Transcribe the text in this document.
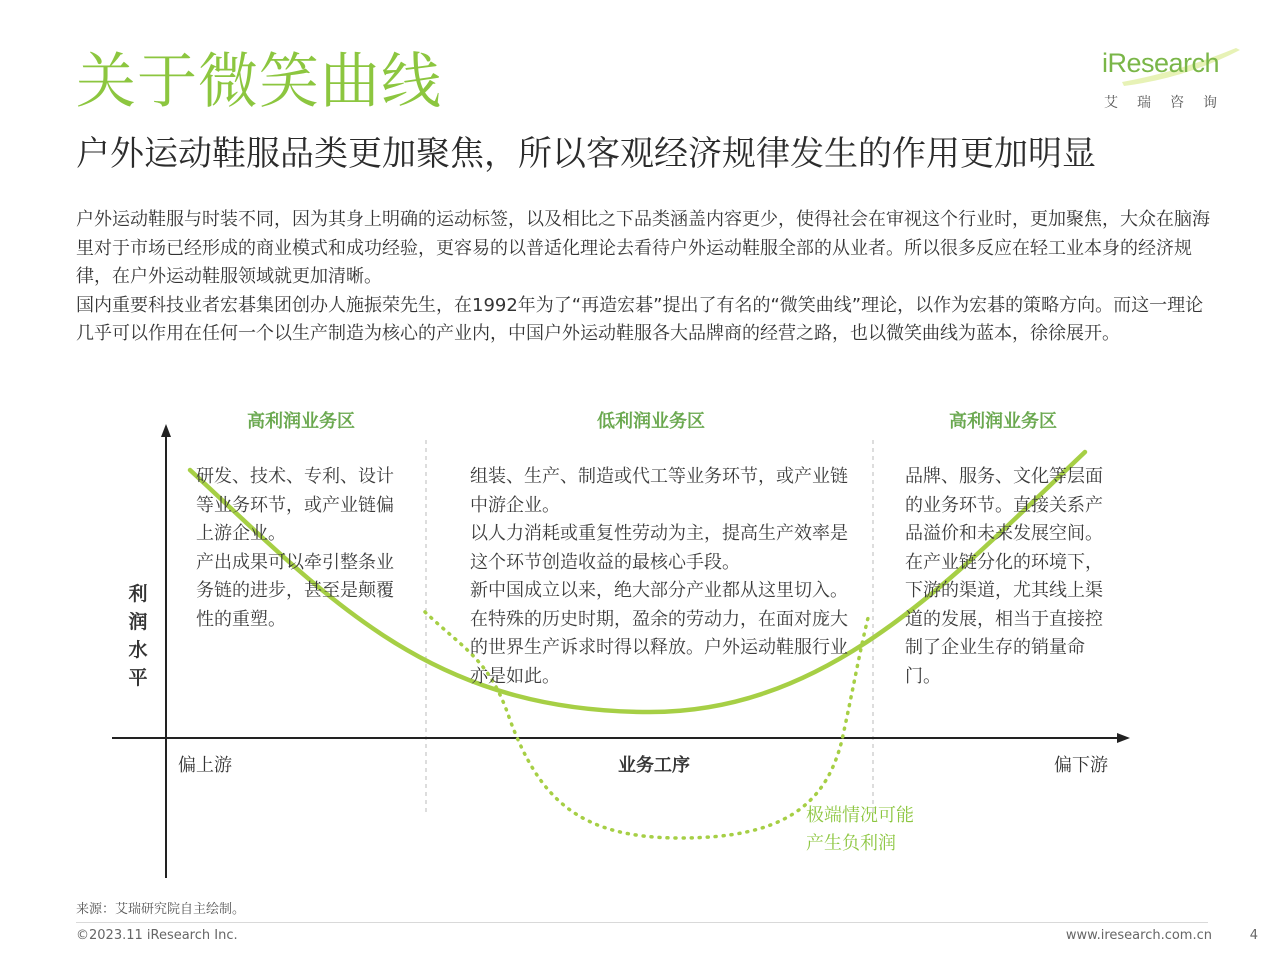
关于微笑曲线
户外运动鞋服品类更加聚焦，所以客观经济规律发生的作用更加明显
iResearch
艾瑞咨询

户外运动鞋服与时装不同，因为其身上明确的运动标签，以及相比之下品类涵盖内容更少，使得社会在审视这个行业时，更加聚焦，大众在脑海里对于市场已经形成的商业模式和成功经验，更容易的以普适化理论去看待户外运动鞋服全部的从业者。所以很多反应在轻工业本身的经济规律，在户外运动鞋服领域就更加清晰。

国内重要科技业者宏碁集团创办人施振荣先生，在1992年为了“再造宏碁”提出了有名的“微笑曲线”理论，以作为宏碁的策略方向。而这一理论几乎可以作用在任何一个以生产制造为核心的产业内，中国户外运动鞋服各大品牌商的经营之路，也以微笑曲线为蓝本，徐徐展开。

高利润业务区	低利润业务区	高利润业务区

研发、技术、专利、设计等业务环节，或产业链偏上游企业。

产出成果可以牵引整条业务链的进步，甚至是颠覆性的重塑。

组装、生产、制造或代工等业务环节，或产业链中游企业。

以人力消耗或重复性劳动为主，提高生产效率是这个环节创造收益的最核心手段。

新中国成立以来，绝大部分产业都从这里切入。在特殊的历史时期，盈余的劳动力，在面对庞大的世界生产诉求时得以释放。户外运动鞋服行业亦是如此。

品牌、服务、文化等层面的业务环节。直接关系产品溢价和未来发展空间。

在产业链分化的环境下，下游的渠道，尤其线上渠道的发展，相当于直接控制了企业生存的销量命门。

利润水平
偏上游	业务工序	偏下游
极端情况可能
产生负利润
来源：艾瑞研究院自主绘制。
©2023.11 iResearch Inc.	www.iresearch.com.cn	4
